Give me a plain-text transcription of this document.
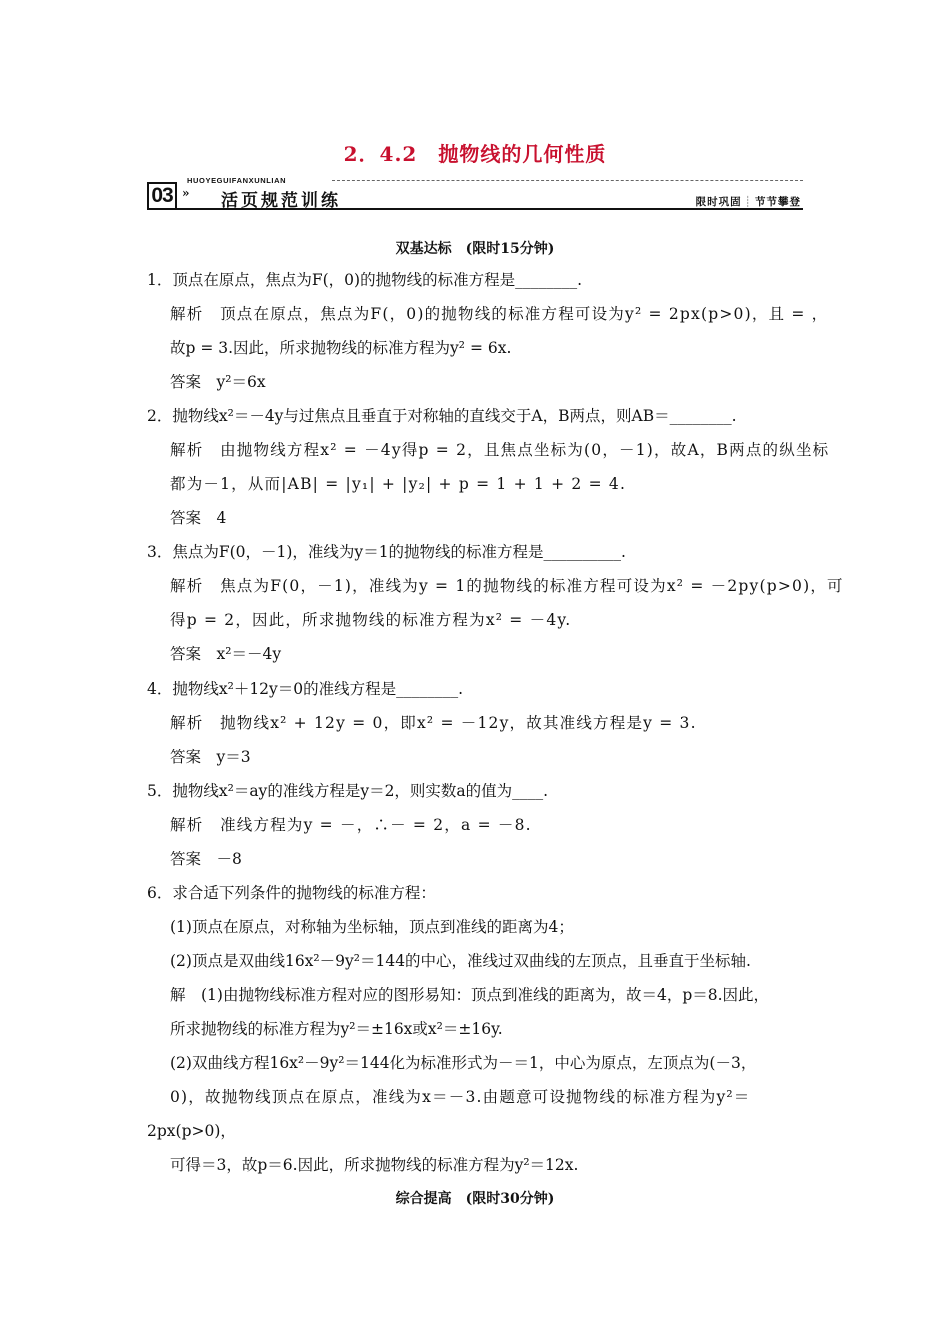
2．4.2　抛物线的几何性质
HUOYEGUIFANXUNLIAN
03 » 活页规范训练	限时巩固 ┊ 节节攀登
双基达标　(限时15分钟)
1．顶点在原点，焦点为F(，0)的抛物线的标准方程是________.
解析　顶点在原点，焦点为F(，0)的抛物线的标准方程可设为y² = 2px(p>0)，且 = ，
故p = 3.因此，所求抛物线的标准方程为y² = 6x.
答案　y²＝6x
2．抛物线x²＝－4y与过焦点且垂直于对称轴的直线交于A，B两点，则AB＝________.
解析　由抛物线方程x² = －4y得p = 2，且焦点坐标为(0，－1)，故A，B两点的纵坐标
都为－1，从而|AB| = |y₁| + |y₂| + p = 1 + 1 + 2 = 4.
答案　4
3．焦点为F(0，－1)，准线为y＝1的抛物线的标准方程是__________.
解析　焦点为F(0，－1)，准线为y = 1的抛物线的标准方程可设为x² = －2py(p>0)，可
得p = 2，因此，所求抛物线的标准方程为x² = －4y.
答案　x²＝－4y
4．抛物线x²＋12y＝0的准线方程是________.
解析　抛物线x² + 12y = 0，即x² = －12y，故其准线方程是y = 3.
答案　y＝3
5．抛物线x²＝ay的准线方程是y＝2，则实数a的值为____.
解析　准线方程为y = －，∴－ = 2，a = －8.
答案　－8
6．求合适下列条件的抛物线的标准方程：
(1)顶点在原点，对称轴为坐标轴，顶点到准线的距离为4；
(2)顶点是双曲线16x²－9y²＝144的中心，准线过双曲线的左顶点，且垂直于坐标轴.
解　(1)由抛物线标准方程对应的图形易知：顶点到准线的距离为，故＝4，p＝8.因此，
所求抛物线的标准方程为y²＝±16x或x²＝±16y.
(2)双曲线方程16x²－9y²＝144化为标准形式为－＝1，中心为原点，左顶点为(－3，
0)，故抛物线顶点在原点，准线为x＝－3.由题意可设抛物线的标准方程为y²＝
2px(p>0)，
可得＝3，故p＝6.因此，所求抛物线的标准方程为y²＝12x.
综合提高　(限时30分钟)
